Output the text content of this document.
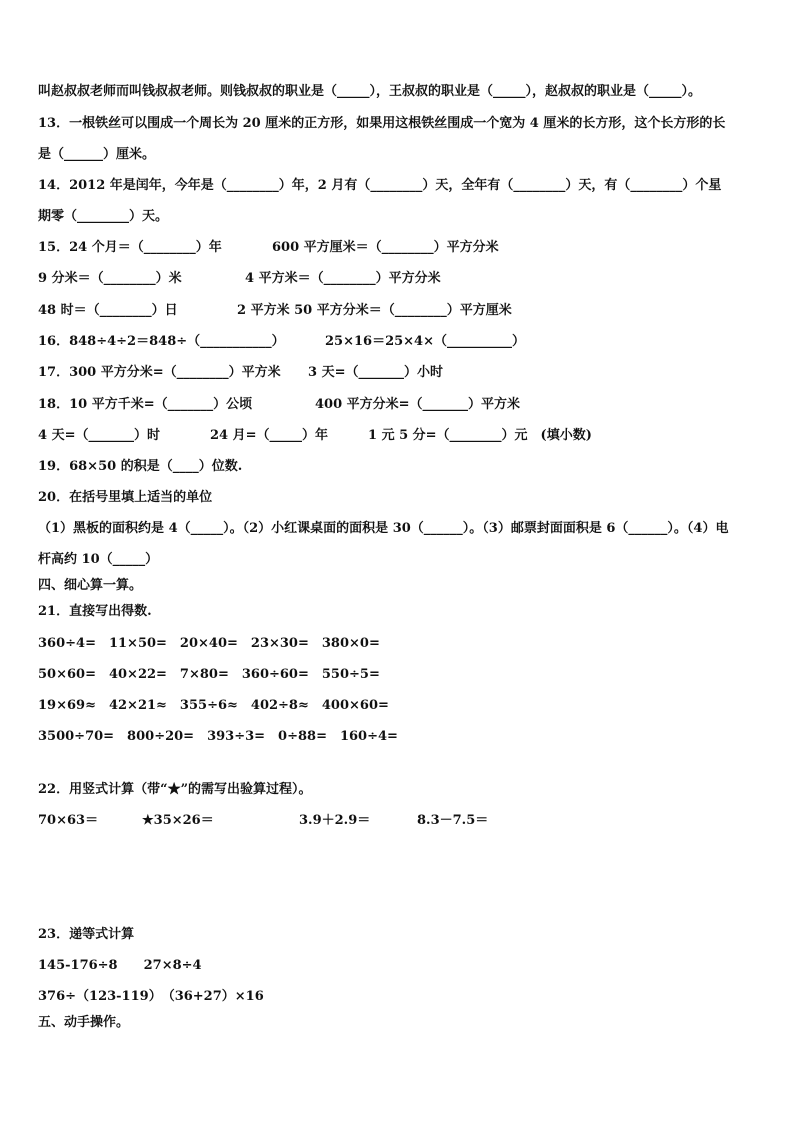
叫赵叔叔老师而叫钱叔叔老师。则钱叔叔的职业是（_____），王叔叔的职业是（_____），赵叔叔的职业是（_____）。

13．一根铁丝可以围成一个周长为 20 厘米的正方形，如果用这根铁丝围成一个宽为 4 厘米的长方形，这个长方形的长

是（______）厘米。

14．2012 年是闰年，今年是（________）年，2 月有（________）天，全年有（________）天，有（________）个星

期零（________）天。

15．24 个月＝（________）年

	600 平方厘米＝（________）平方分米

9 分米＝（________）米

	4 平方米＝（________）平方分米

48 时＝（________）日

	2 平方米 50 平方分米＝（________）平方厘米

16．848÷4÷2＝848÷（___________）

	25×16＝25×4×（__________）

17．300 平方分米=（________）平方米

3 天=（_______）小时

18．10 平方千米=（_______）公顷

	400 平方分米=（_______）平方米

4 天=（_______）时

	24 月=（_____）年

	1 元 5 分=（________）元　(填小数)

19．68×50 的积是（____）位数.

20．在括号里填上适当的单位

（1）黑板的面积约是 4（_____）。（2）小红课桌面的面积是 30（______）。（3）邮票封面面积是 6（______）。（4）电

杆高约 10（_____）

四、细心算一算。

21．直接写出得数.

360÷4=　11×50=　20×40=　23×30=　380×0=

50×60=　40×22=　7×80=　360÷60=　550÷5=

19×69≈　42×21≈　355÷6≈　402÷8≈　400×60=

3500÷70=　800÷20=　393÷3=　0÷88=　160÷4=

22．用竖式计算（带“★”的需写出验算过程）。

70×63＝

	★35×26＝

	3.9＋2.9＝

	8.3－7.5＝

23．递等式计算

145-176÷8　　27×8÷4

376÷（123-119）　（36+27）×16

五、动手操作。
